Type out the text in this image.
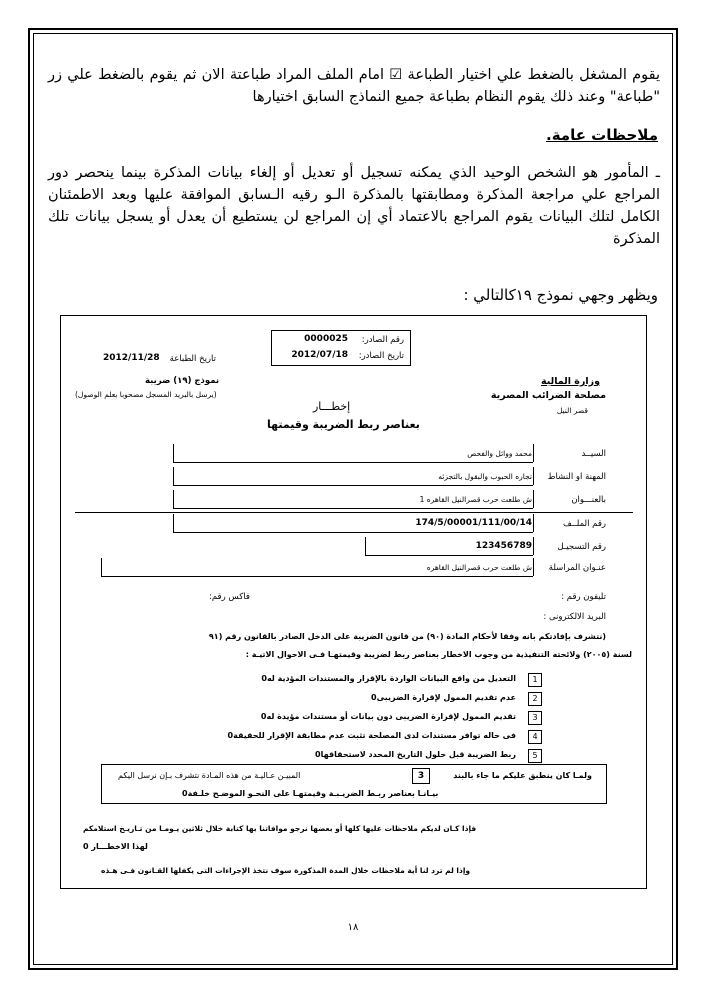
يقوم المشغل بالضغط علي اختيار الطباعة ☑ امام الملف المراد طباعتة الان ثم يقوم بالضغط علي زر "طباعة" وعند ذلك يقوم النظام بطباعة جميع النماذج السابق اختيارها
ملاحظات عامة.
ـ المأمور هو الشخص الوحيد الذي يمكنه تسجيل أو تعديل أو إلغاء بيانات المذكرة بينما ينحصر دور المراجع علي مراجعة المذكرة ومطابقتها بالمذكرة الـو رقيه الـسابق الموافقة عليها وبعد الاطمئنان الكامل لتلك البيانات يقوم المراجع بالاعتماد أي إن المراجع لن يستطيع أن يعدل أو يسجل بيانات تلك المذكرة
ويظهر وجهي نموذج ١٩كالتالي :
رقم الصادر:
0000025
تاريخ الصادر:
2012/07/18
تاريخ الطباعة
2012/11/28
وزارة المالية
مصلحة الضرائب المصرية
قصر النيل
نموذج (١٩) ضريبة
(يرسل بالبريد المسجل مصحوبا بعلم الوصول)
إخطـــار
بعناصر ربط الضريبة وقيمتها
السيــد
محمد ووائل والفحص
المهنة او النشاط
تجاره الحبوب والبقول بالتجزئه
بالعنـــوان
ش طلعت حرب قصرالنيل القاهره 1
رقم الملــف
174/5/00001/111/00/14
رقم التسجيـل
123456789
عنـوان المراسلة
ش طلعت حرب قصرالنيل القاهره
تليفون رقم :
فاكس رقم:
البريد الالكترونى :
(نتشرف بإفادتكم بانه وفقا لأحكام المادة (٩٠) من قانون الضريبة على الدخل الصادر بالقانون رقم (٩١
لسنة (٢٠٠٥) ولائحته التنفيذية من وجوب الاخطار بعناصر ربط لضريبة وقيمتهـا فـى الاحوال الاتيـة :
1
التعديل من واقع البيانات الواردة بالإقرار والمستندات المؤدية له0
2
عدم تقديم الممول لإقرارة الضريبى0
3
تقديم الممول لإقرارة الضريبى دون بيانات أو مستندات مؤيدة له0
4
فى حاله توافر مستندات لدى المصلحة تثبت عدم مطابقة الإقرار للحقيقة0
5
ربط الضريبة قبل حلول التاريخ المحدد لاستحقاقها0
ولمـا كان ينطبق عليكم ما جاء بالبند
3
المبيـن عـاليـة من هذه المـادة نتشرف بـإن نرسل اليكم
بيـانـا بعناصر ربـط الضريـبـة وقيمتهـا على النحـو الموضـح خلـفة0
فإذا كـان لديكم ملاحظات عليها كلها أو بعضها نرجو موافاتنا بها كتابة خلال ثلاثين يـومـا من تـاريـخ استلامكم
لهذا الاخطـــار 0
وإذا لم ترد لنا أية ملاحظات خلال المدة المذكورة سوف نتخذ الإجراءات التى يكفلها القـانون فـى هـذه
١٨
